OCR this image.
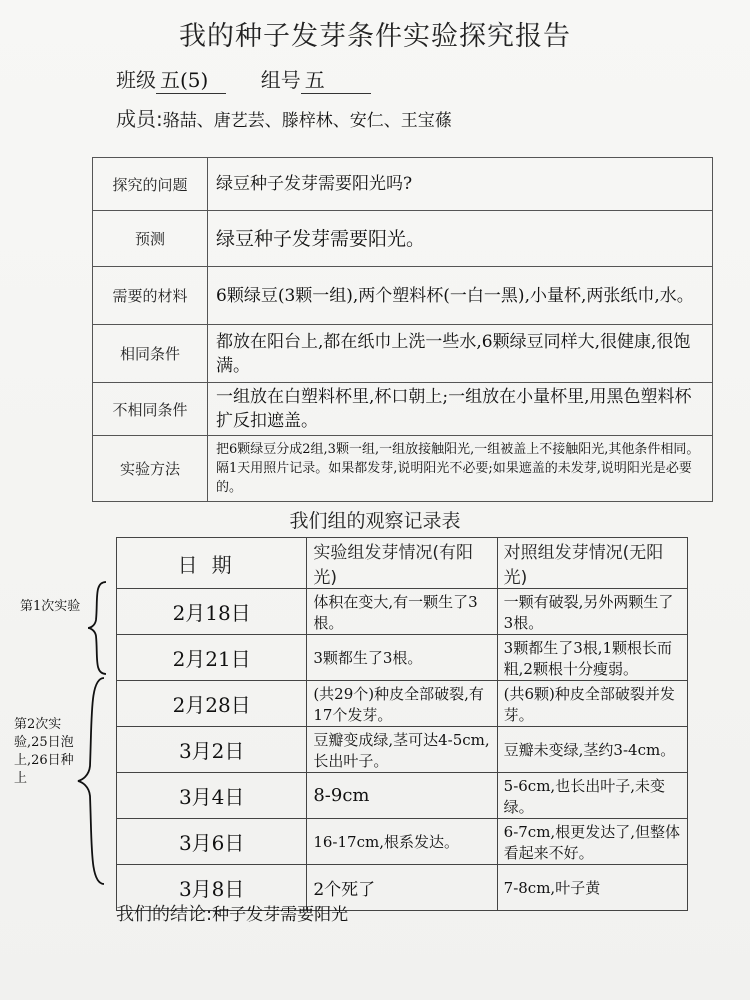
我的种子发芽条件实验探究报告
班级 五(5)	组号 五
成员:骆喆、唐艺芸、滕梓林、安仁、王宝蓧
探究的问题	绿豆种子发芽需要阳光吗?
预测	绿豆种子发芽需要阳光。
需要的材料	6颗绿豆(3颗一组),两个塑料杯(一白一黑),小量杯,两张纸巾,水。
相同条件	都放在阳台上,都在纸巾上洗一些水,6颗绿豆同样大,很健康,很饱满。
不相同条件	一组放在白塑料杯里,杯口朝上;一组放在小量杯里,用黑色塑料杯扩反扣遮盖。
实验方法	把6颗绿豆分成2组,3颗一组,一组放接触阳光,一组被盖上不接触阳光,其他条件相同。隔1天用照片记录。如果都发芽,说明阳光不必要;如果遮盖的未发芽,说明阳光是必要的。
我们组的观察记录表
日期	实验组发芽情况(有阳光)	对照组发芽情况(无阳光)
2月18日	体积在变大,有一颗生了3根。	一颗有破裂,另外两颗生了3根。
2月21日	3颗都生了3根。	3颗都生了3根,1颗根长而粗,2颗根十分瘦弱。
2月28日	(共29个)种皮全部破裂,有17个发芽。	(共6颗)种皮全部破裂并发芽。
3月2日	豆瓣变成绿,茎可达4-5cm,长出叶子。	豆瓣未变绿,茎约3-4cm。
3月4日	8-9cm	5-6cm,也长出叶子,未变绿。
3月6日	16-17cm,根系发达。	6-7cm,根更发达了,但整体看起来不好。
3月8日	2个死了	7-8cm,叶子黄
第1次实验
第2次实验,25日泡上,26日种上
我们的结论:种子发芽需要阳光
